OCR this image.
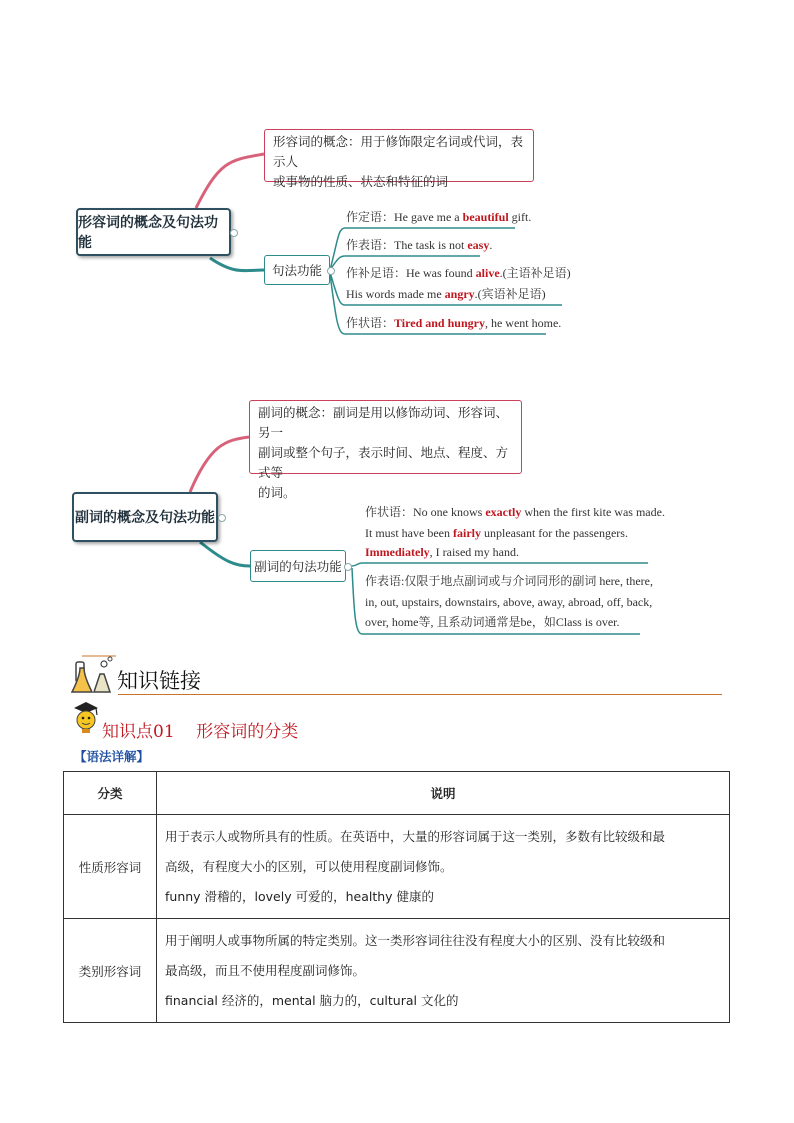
形容词的概念及句法功能
形容词的概念：用于修饰限定名词或代词，表示人
或事物的性质、状态和特征的词
句法功能
作定语：He gave me a beautiful gift.
作表语：The task is not easy.
作补足语：He was found alive.(主语补足语)
His words made me angry.(宾语补足语)
作状语：Tired and hungry, he went home.
副词的概念及句法功能
副词的概念：副词是用以修饰动词、形容词、另一
副词或整个句子，表示时间、地点、程度、方式等
的词。
副词的句法功能
作状语：No one knows exactly when the first kite was made.
It must have been fairly unpleasant for the passengers.
Immediately, I raised my hand.
作表语:仅限于地点副词或与介词同形的副词 here, there,
in, out, upstairs, downstairs, above, away, abroad, off, back,
over, home等, 且系动词通常是be，如Class is over.
知识链接
知识点01    形容词的分类
【语法详解】
分类	说明
性质形容词	用于表示人或物所具有的性质。在英语中，大量的形容词属于这一类别，多数有比较级和最
高级，有程度大小的区别，可以使用程度副词修饰。
funny 滑稽的，lovely 可爱的，healthy 健康的

类别形容词	用于阐明人或事物所属的特定类别。这一类形容词往往没有程度大小的区别、没有比较级和
最高级，而且不使用程度副词修饰。
financial 经济的，mental 脑力的，cultural 文化的
